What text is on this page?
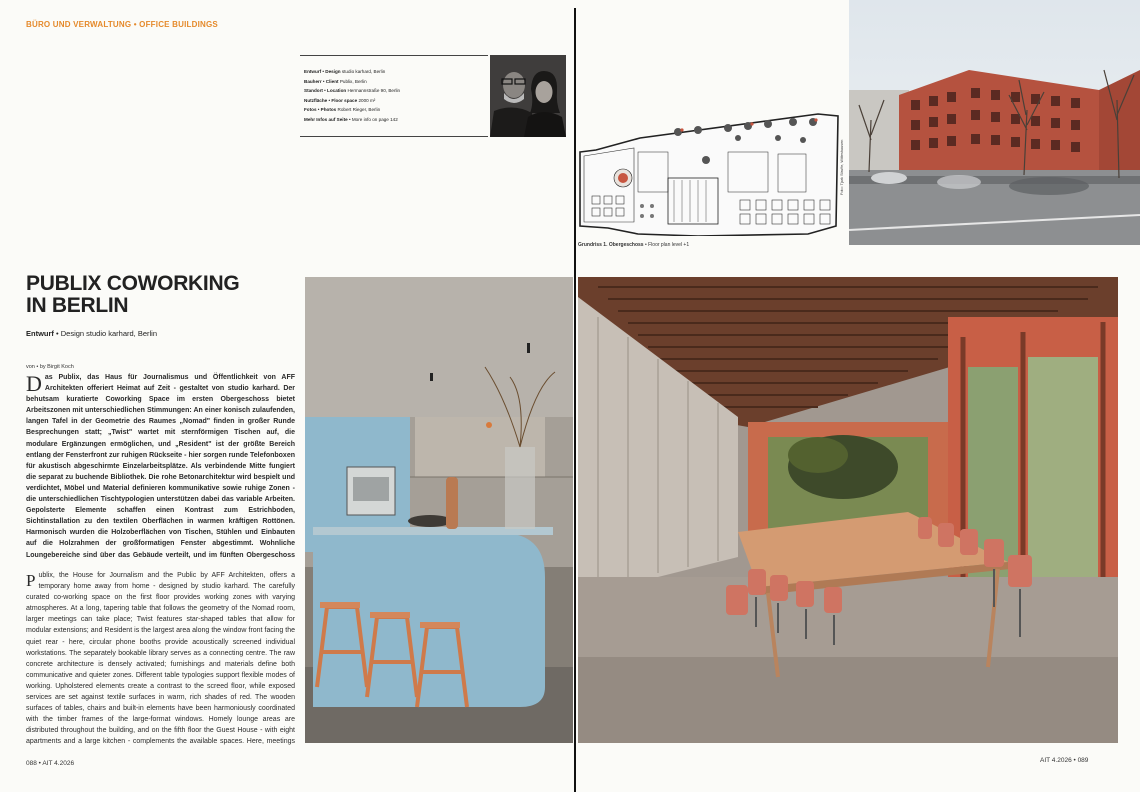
BÜRO UND VERWALTUNG • OFFICE BUILDINGS
PUBLIX COWORKING
IN BERLIN
Entwurf • Design studio karhard, Berlin
von • by Birgit Koch
Das Publix, das Haus für Journalismus und Öffentlichkeit von AFF Architekten offeriert Heimat auf Zeit - gestaltet von studio karhard. Der behutsam kuratierte Coworking Space im ersten Obergeschoss bietet Arbeitszonen mit unterschiedlichen Stimmungen: An einer konisch zulaufenden, langen Tafel in der Geometrie des Raumes „Nomad" finden in großer Runde Besprechungen statt; „Twist" wartet mit sternförmigen Tischen auf, die modulare Ergänzungen ermöglichen, und „Resident" ist der größte Bereich entlang der Fensterfront zur ruhigen Rückseite - hier sorgen runde Telefonboxen für akustisch abgeschirmte Einzelarbeitsplätze. Als verbindende Mitte fungiert die separat zu buchende Bibliothek. Die rohe Betonarchitektur wird bespielt und verdichtet, Möbel und Material definieren kommunikative sowie ruhige Zonen - die unterschiedlichen Tischtypologien unterstützen dabei das variable Arbeiten. Gepolsterte Elemente schaffen einen Kontrast zum Estrichboden, Sichtinstallation zu den textilen Oberflächen in warmen kräftigen Rottönen. Harmonisch wurden die Holzoberflächen von Tischen, Stühlen und Einbauten auf die Holzrahmen der großformatigen Fenster abgestimmt. Wohnliche Loungebereiche sind über das Gebäude verteilt, und im fünften Obergeschoss
Publix, the House for Journalism and the Public by AFF Architekten, offers a temporary home away from home - designed by studio karhard. The carefully curated co-working space on the first floor provides working zones with varying atmospheres. At a long, tapering table that follows the geometry of the Nomad room, larger meetings can take place; Twist features star-shaped tables that allow for modular extensions; and Resident is the largest area along the window front facing the quiet rear - here, circular phone booths provide acoustically screened individual workstations. The separately bookable library serves as a connecting centre. The raw concrete architecture is densely activated; furnishings and materials define both communicative and quieter zones. Different table typologies support flexible modes of working. Upholstered elements create a contrast to the screed floor, while exposed services are set against textile surfaces in warm, rich shades of red. The wooden surfaces of tables, chairs and built-in elements have been harmoniously coordinated with the timber frames of the large-format windows. Homely lounge areas are distributed throughout the building, and on the fifth floor the Guest House - with eight apartments and a large kitchen - complements the available spaces. Here, meetings
088 • AIT 4.2026	AIT 4.2026 • 089
Entwurf • Design studio karhard, Berlin
Bauherr • Client Publix, Berlin
Standort • Location Hermannstraße 90, Berlin
Nutzfläche • Floor space 2000 m²
Fotos • Photos Robert Rieger, Berlin
Mehr Infos auf Seite • More info on page 142
Grundriss 1. Obergeschoss • Floor plan level +1
Foto: Tjark Struffe, Witteshausen
